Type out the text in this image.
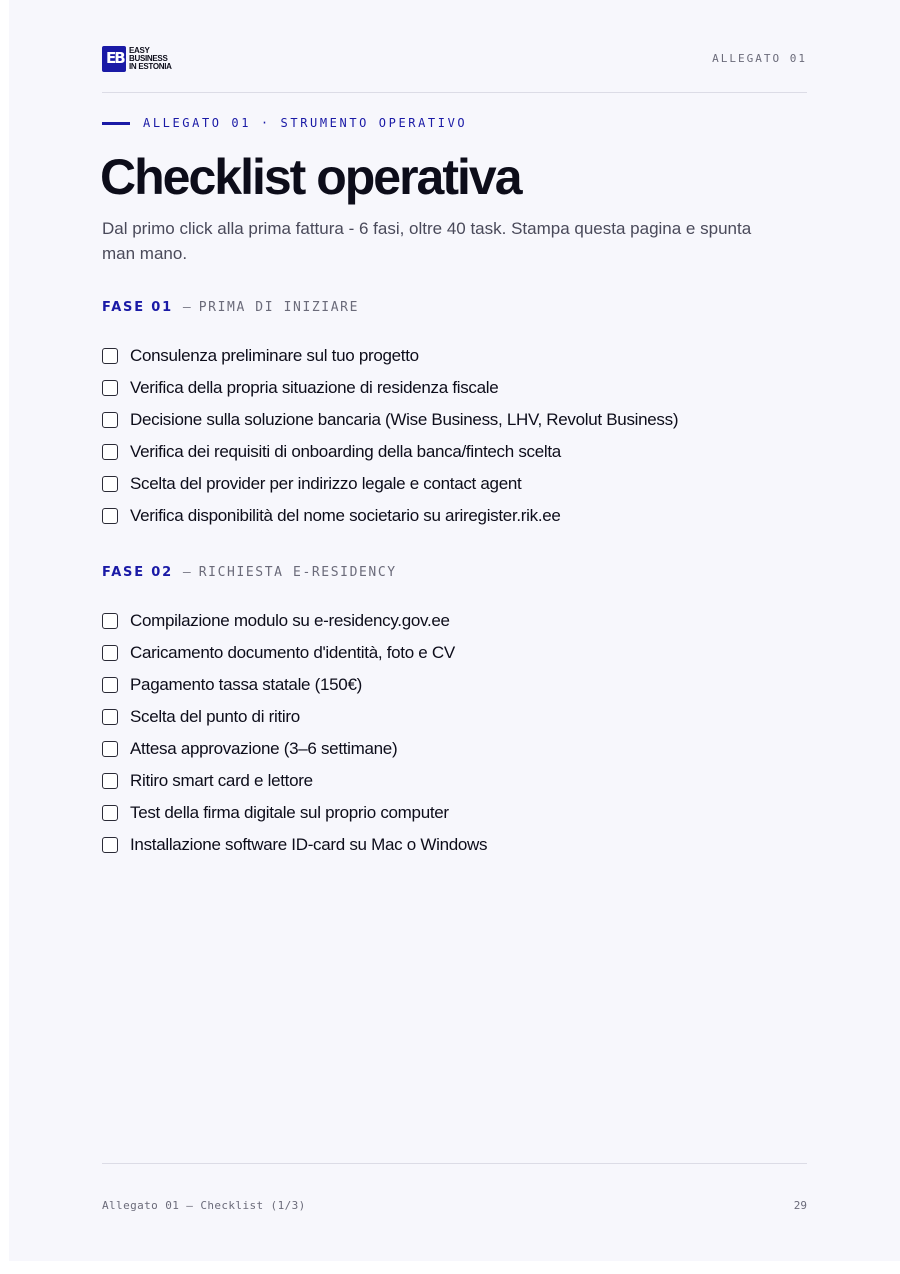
ЕB EASY
BUSINESS
IN ESTONIA
ALLEGATO 01
ALLEGATO 01 · STRUMENTO OPERATIVO
Checklist operativa
Dal primo click alla prima fattura - 6 fasi, oltre 40 task. Stampa questa pagina e spunta man mano.
FASE 01 — PRIMA DI INIZIARE
Consulenza preliminare sul tuo progetto
Verifica della propria situazione di residenza fiscale
Decisione sulla soluzione bancaria (Wise Business, LHV, Revolut Business)
Verifica dei requisiti di onboarding della banca/fintech scelta
Scelta del provider per indirizzo legale e contact agent
Verifica disponibilità del nome societario su ariregister.rik.ee
FASE 02 — RICHIESTA E-RESIDENCY
Compilazione modulo su e-residency.gov.ee
Caricamento documento d'identità, foto e CV
Pagamento tassa statale (150€)
Scelta del punto di ritiro
Attesa approvazione (3–6 settimane)
Ritiro smart card e lettore
Test della firma digitale sul proprio computer
Installazione software ID-card su Mac o Windows
Allegato 01 — Checklist (1/3)	29
